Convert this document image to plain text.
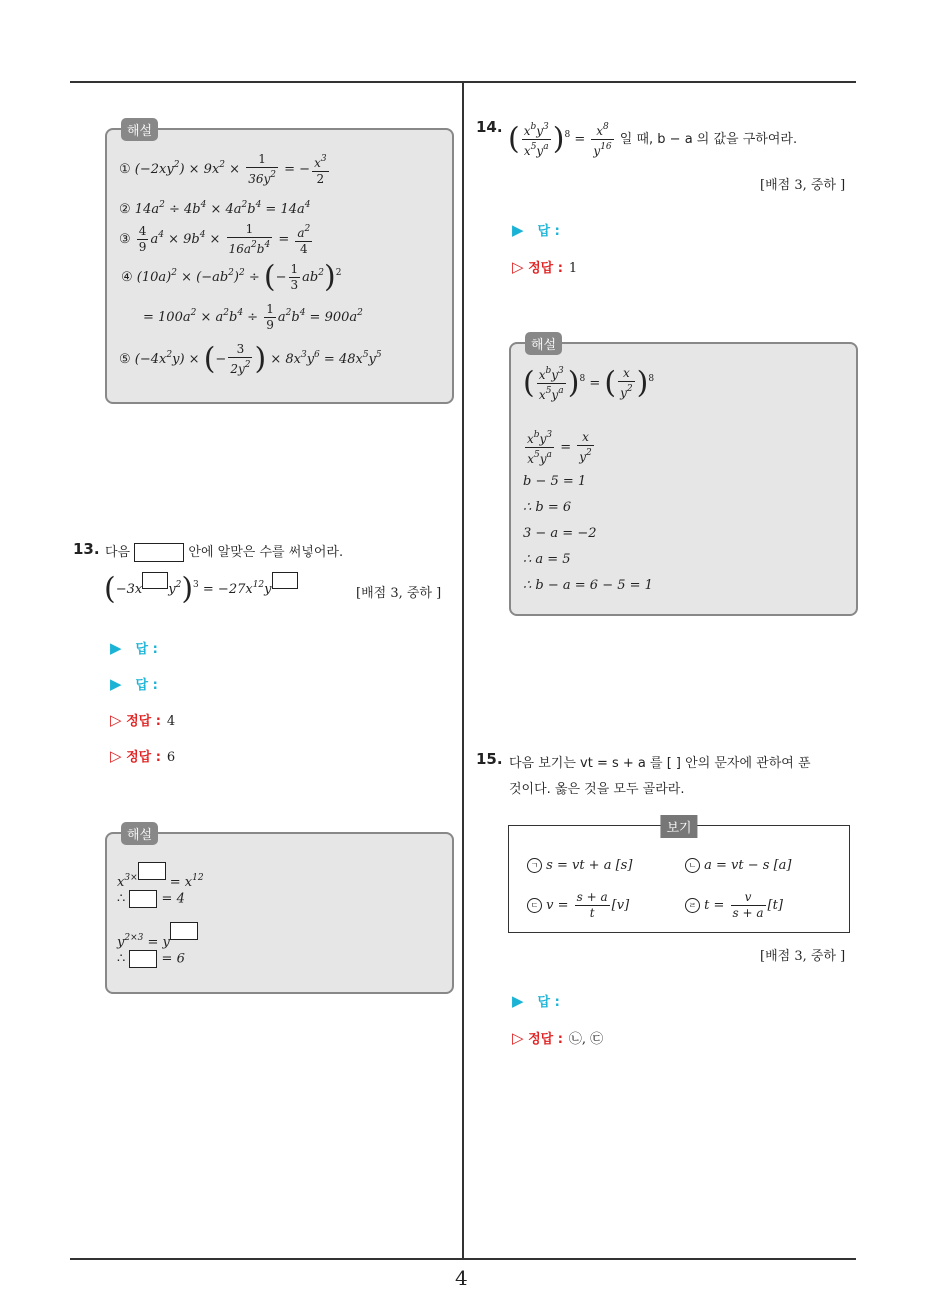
4
해설
① $(-2xy^2) \times 9x^2 \times \frac{1}{36y^2}$ = − $\frac{x^3}{2}$
② $14a^2 \div 4b^4 \times 4a^2b^4 = 14a^4$
③ $\frac{4}{9} a^4 \times 9b^4 \times \frac{1}{16a^2b^4} = \frac{a^2}{4}$
④ $(10a)^2 \times (-ab^2)^2$ ÷ (− $\frac{1}{3} ab^2)^2$
= $100a^2 \times a^2b^4 \div \frac{1}{9} a^2b^4 = 900a^2$
⑤ $(-4x^2y)$ × (− $\frac{3}{2y^2}$ ) × $8x^3y^6 = 48x^5y^5$
13. 다음	안에 알맞은 수를 써넣어라.
(−3x $y^2)^3 = -27x^{12}y$	[배점 3, 중하 ]
▶ 답 :
▶ 답 :
▷ 정답 : 4
▷ 정답 : 6
해설
$x^{3\times} = x^{12}$
∴  = 4
$y^{2\times 3} = y$
∴  = 6
14. ( $\frac{x^by^3}{x^5y^a} )^8 = \frac{x^8}{y^{16}}$ 일 때, b − a 의 값을 구하여라.
[배점 3, 중하 ]
▶ 답 :
▷ 정답 : 1
해설
( $\frac{x^by^3}{x^5y^a} )^8$ = ( $\frac{x}{y^2} )^8$
$\frac{x^by^3}{x^5y^a} = \frac{x}{y^2}$
b − 5 = 1
∴ b = 6
3 − a = −2
∴ a = 5
∴ b − a = 6 − 5 = 1
15. 다음 보기는 vt = s + a 를 [ ] 안의 문자에 관하여 푼
것이다. 옳은 것을 모두 골라라.
보기
ㄱ s = vt + a [s]	ㄴ a = vt − s [a]
ㄷ $v = \frac{s + a}{t} [v]$	ㄹ $t = \frac{v}{s + a} [t]$
[배점 3, 중하 ]
▶ 답 :
▷ 정답 : ㉡, ㉢
